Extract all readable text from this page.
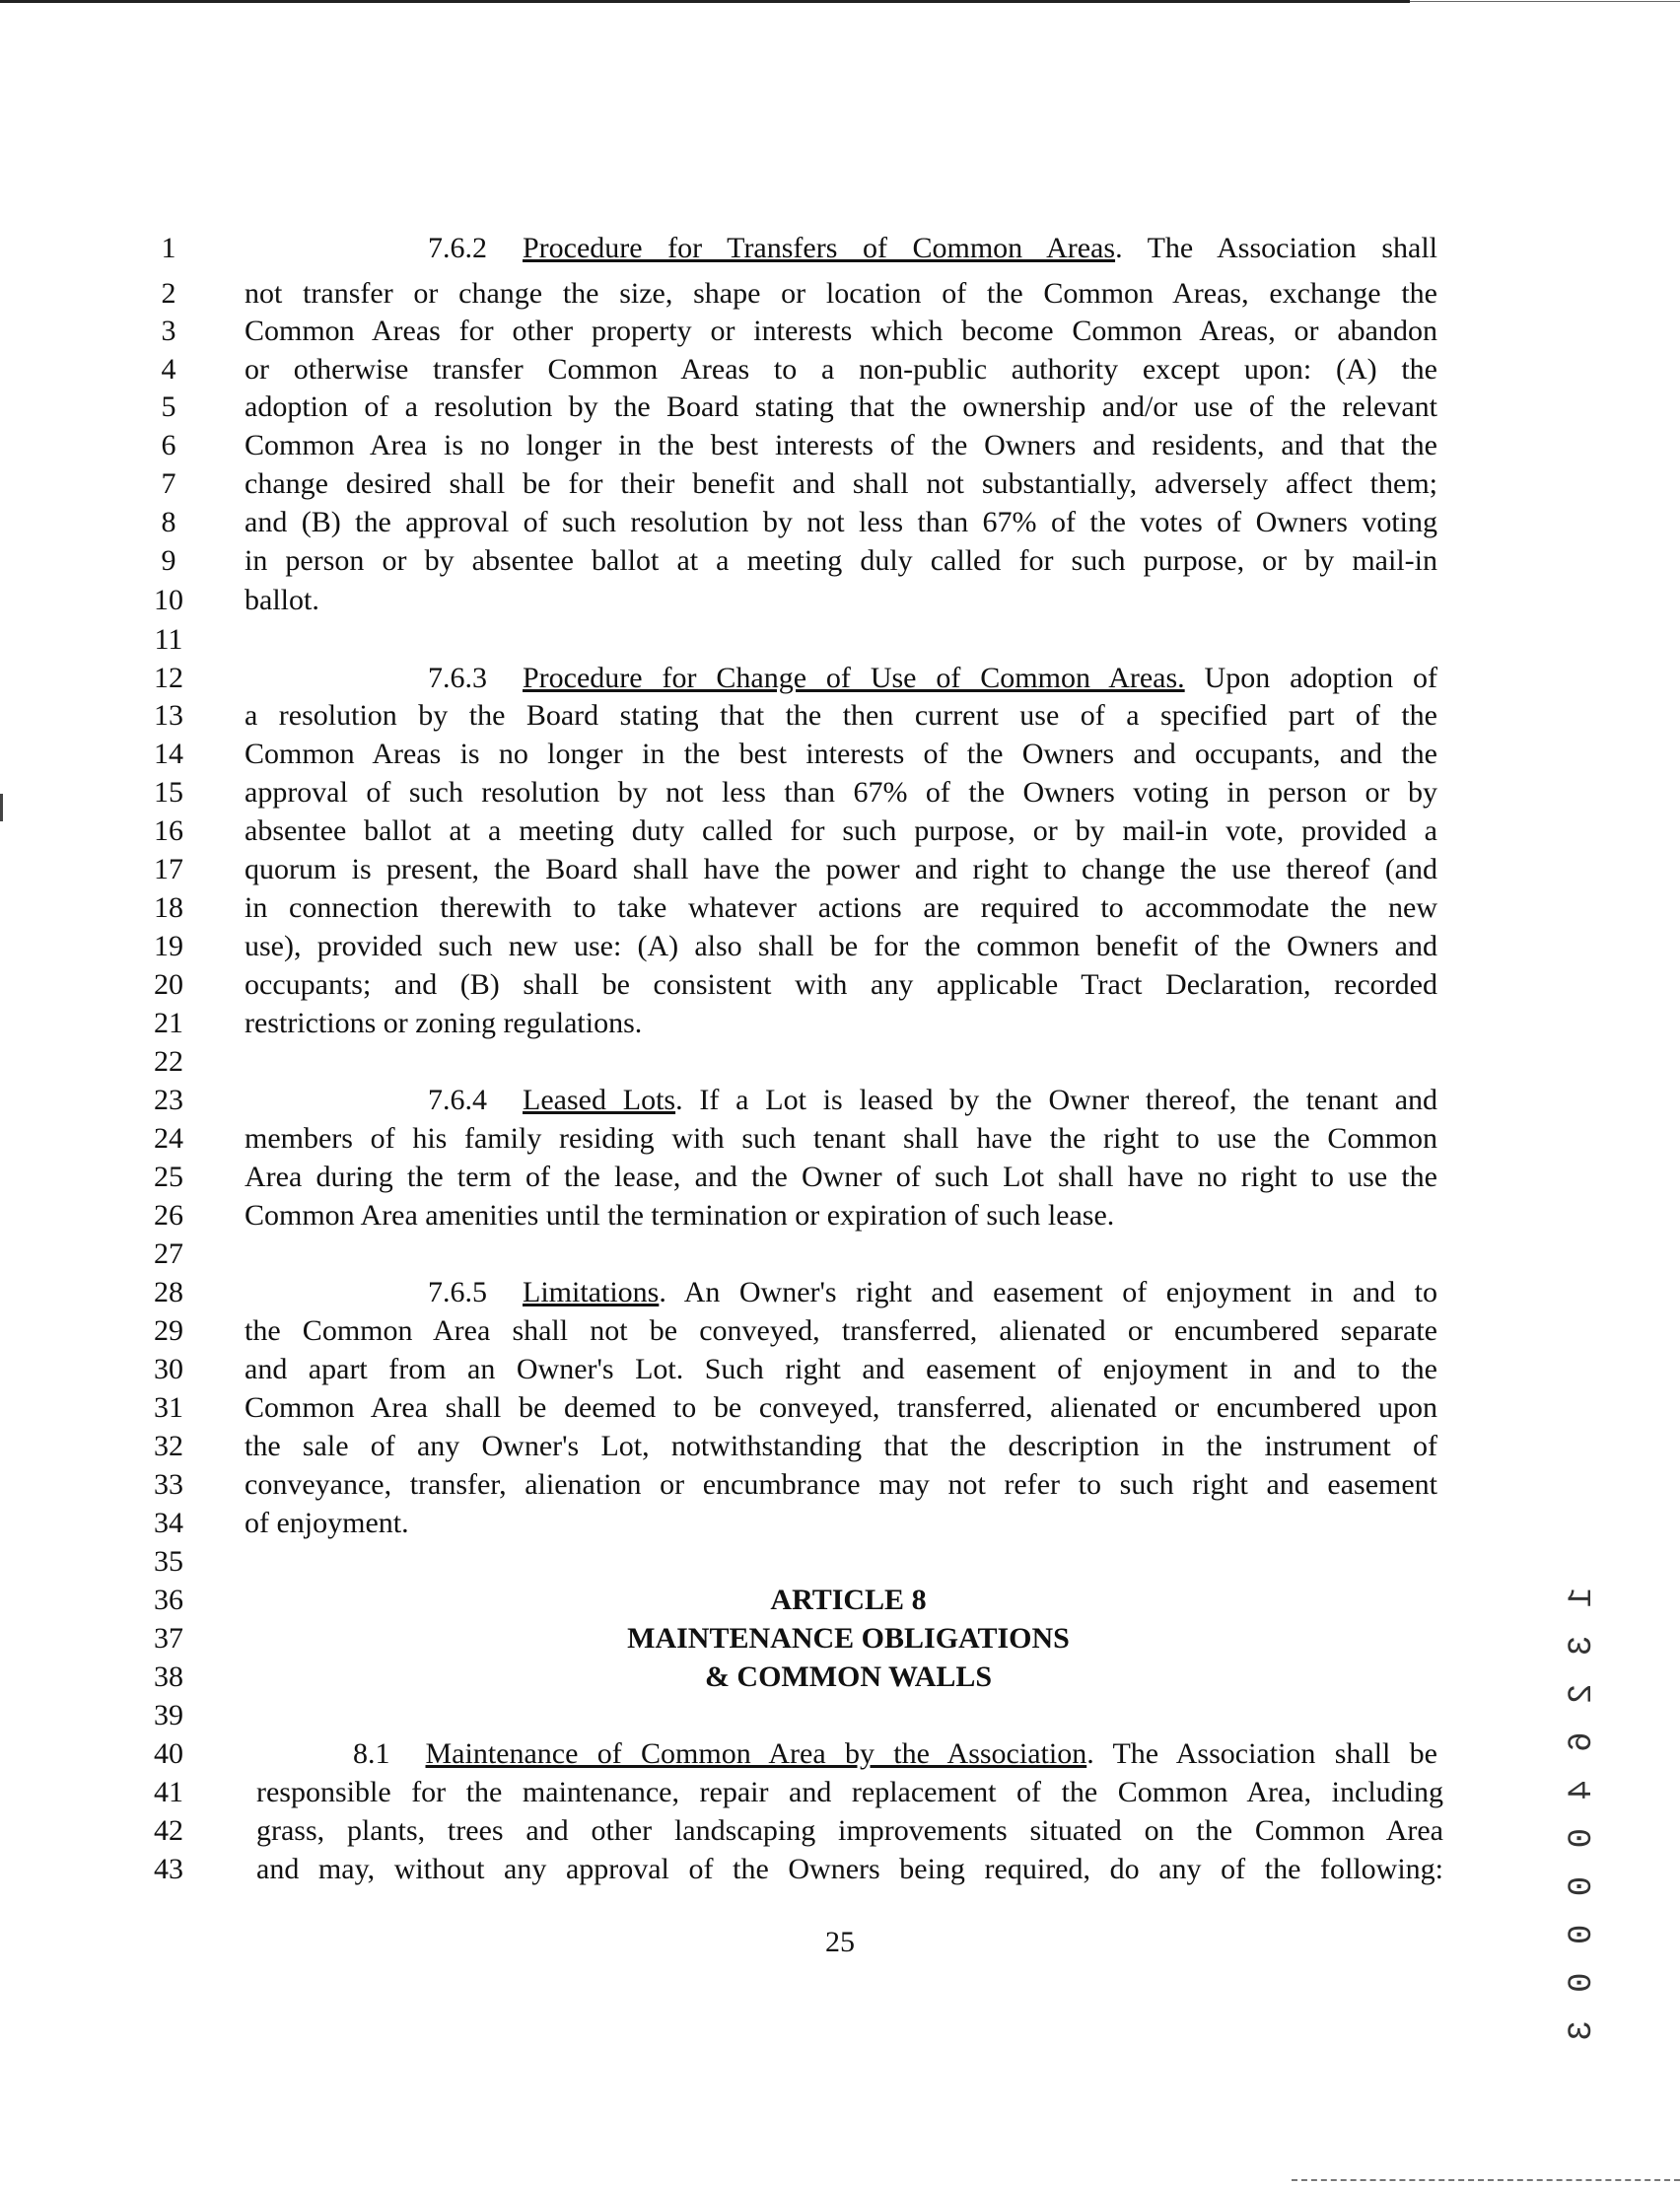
1	7.6.2 Procedure for Transfers of Common Areas. The Association shall
2	not transfer or change the size, shape or location of the Common Areas, exchange the
3	Common Areas for other property or interests which become Common Areas, or abandon
4	or otherwise transfer Common Areas to a non-public authority except upon: (A) the
5	adoption of a resolution by the Board stating that the ownership and/or use of the relevant
6	Common Area is no longer in the best interests of the Owners and residents, and that the
7	change desired shall be for their benefit and shall not substantially, adversely affect them;
8	and (B) the approval of such resolution by not less than 67% of the votes of Owners voting
9	in person or by absentee ballot at a meeting duly called for such purpose, or by mail-in
10	ballot.
11
12	7.6.3 Procedure for Change of Use of Common Areas. Upon adoption of
13	a resolution by the Board stating that the then current use of a specified part of the
14	Common Areas is no longer in the best interests of the Owners and occupants, and the
15	approval of such resolution by not less than 67% of the Owners voting in person or by
16	absentee ballot at a meeting duty called for such purpose, or by mail-in vote, provided a
17	quorum is present, the Board shall have the power and right to change the use thereof (and
18	in connection therewith to take whatever actions are required to accommodate the new
19	use), provided such new use: (A) also shall be for the common benefit of the Owners and
20	occupants; and (B) shall be consistent with any applicable Tract Declaration, recorded
21	restrictions or zoning regulations.
22
23	7.6.4 Leased Lots. If a Lot is leased by the Owner thereof, the tenant and
24	members of his family residing with such tenant shall have the right to use the Common
25	Area during the term of the lease, and the Owner of such Lot shall have no right to use the
26	Common Area amenities until the termination or expiration of such lease.
27
28	7.6.5 Limitations. An Owner's right and easement of enjoyment in and to
29	the Common Area shall not be conveyed, transferred, alienated or encumbered separate
30	and apart from an Owner's Lot. Such right and easement of enjoyment in and to the
31	Common Area shall be deemed to be conveyed, transferred, alienated or encumbered upon
32	the sale of any Owner's Lot, notwithstanding that the description in the instrument of
33	conveyance, transfer, alienation or encumbrance may not refer to such right and easement
34	of enjoyment.
35
36	ARTICLE 8
37	MAINTENANCE OBLIGATIONS
38	& COMMON WALLS
39
40	8.1 Maintenance of Common Area by the Association. The Association shall be
41	responsible for the maintenance, repair and replacement of the Common Area, including
42	grass, plants, trees and other landscaping improvements situated on the Common Area
43	and may, without any approval of the Owners being required, do any of the following:
25	1 3 2 6 4 0 0 0 0 3
